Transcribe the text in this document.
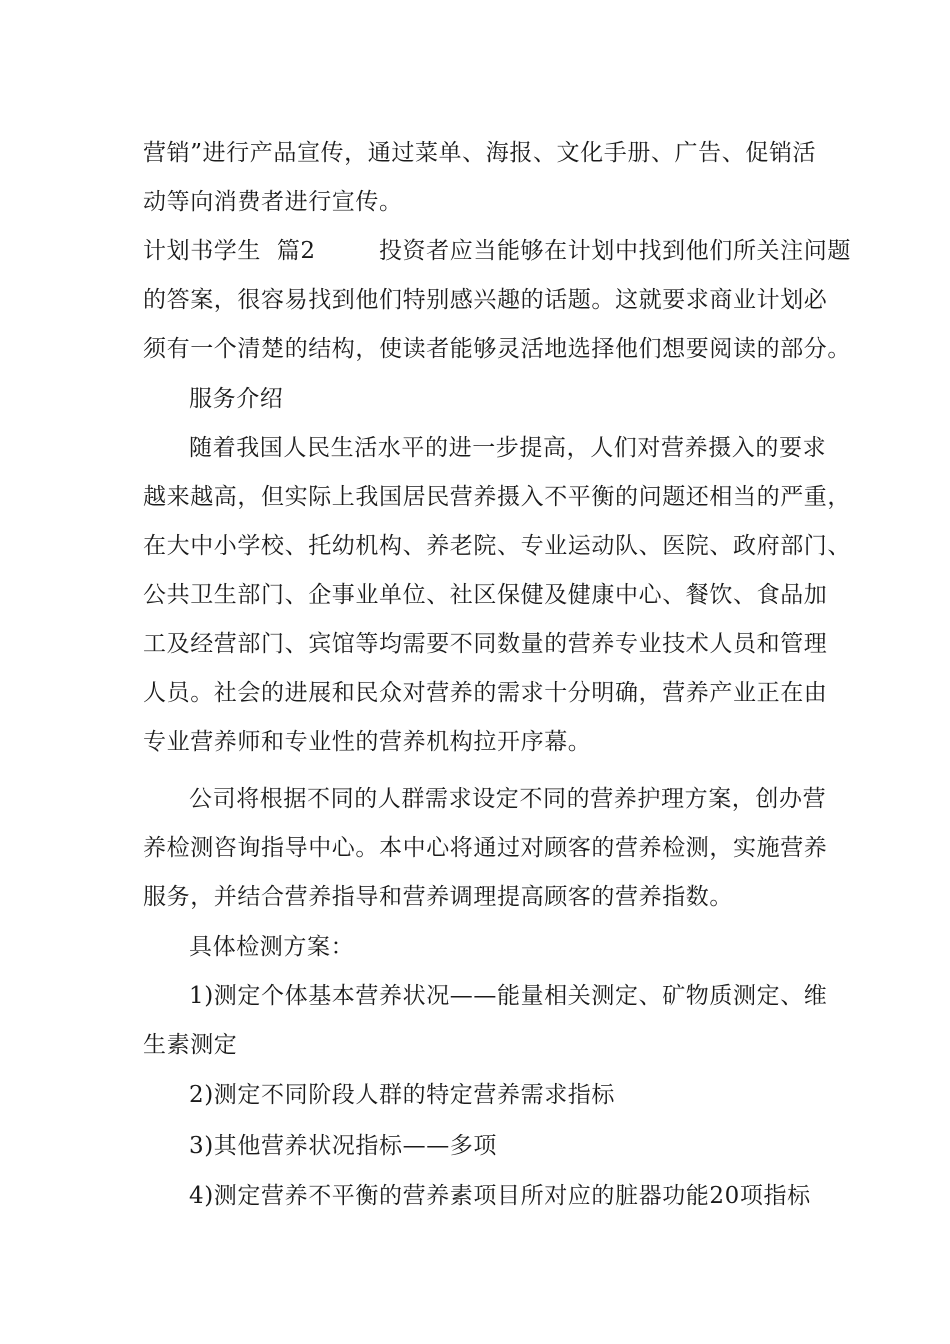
营销”进行产品宣传，通过菜单、海报、文化手册、广告、促销活
动等向消费者进行宣传。
计划书学生  篇2        投资者应当能够在计划中找到他们所关注问题
的答案，很容易找到他们特别感兴趣的话题。这就要求商业计划必
须有一个清楚的结构，使读者能够灵活地选择他们想要阅读的部分。
服务介绍
随着我国人民生活水平的进一步提高，人们对营养摄入的要求
越来越高，但实际上我国居民营养摄入不平衡的问题还相当的严重，
在大中小学校、托幼机构、养老院、专业运动队、医院、政府部门、
公共卫生部门、企事业单位、社区保健及健康中心、餐饮、食品加
工及经营部门、宾馆等均需要不同数量的营养专业技术人员和管理
人员。社会的进展和民众对营养的需求十分明确，营养产业正在由
专业营养师和专业性的营养机构拉开序幕。
公司将根据不同的人群需求设定不同的营养护理方案，创办营
养检测咨询指导中心。本中心将通过对顾客的营养检测，实施营养
服务，并结合营养指导和营养调理提高顾客的营养指数。
具体检测方案：
1)测定个体基本营养状况——能量相关测定、矿物质测定、维
生素测定
2)测定不同阶段人群的特定营养需求指标
3)其他营养状况指标——多项
4)测定营养不平衡的营养素项目所对应的脏器功能20项指标
